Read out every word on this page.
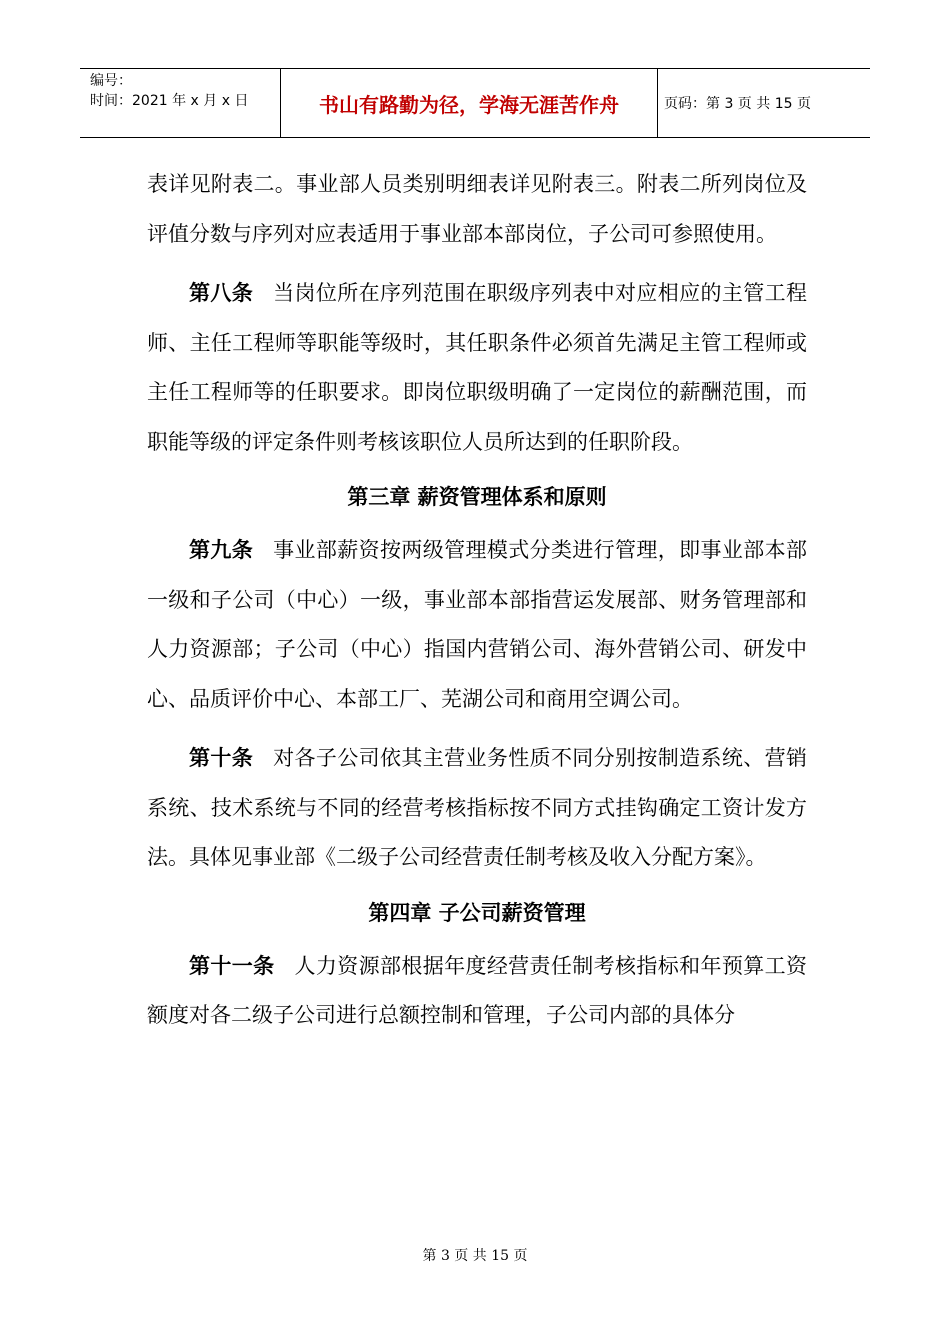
编号：
时间：2021 年 x 月 x 日	书山有路勤为径，学海无涯苦作舟	页码：第 3 页 共 15 页

表详见附表二。事业部人员类别明细表详见附表三。附表二所列岗位及评值分数与序列对应表适用于事业部本部岗位，子公司可参照使用。

第八条 当岗位所在序列范围在职级序列表中对应相应的主管工程师、主任工程师等职能等级时，其任职条件必须首先满足主管工程师或主任工程师等的任职要求。即岗位职级明确了一定岗位的薪酬范围，而职能等级的评定条件则考核该职位人员所达到的任职阶段。

第三章 薪资管理体系和原则

第九条 事业部薪资按两级管理模式分类进行管理，即事业部本部一级和子公司（中心）一级，事业部本部指营运发展部、财务管理部和人力资源部；子公司（中心）指国内营销公司、海外营销公司、研发中心、品质评价中心、本部工厂、芜湖公司和商用空调公司。

第十条 对各子公司依其主营业务性质不同分别按制造系统、营销系统、技术系统与不同的经营考核指标按不同方式挂钩确定工资计发方法。具体见事业部《二级子公司经营责任制考核及收入分配方案》。

第四章 子公司薪资管理

第十一条 人力资源部根据年度经营责任制考核指标和年预算工资额度对各二级子公司进行总额控制和管理，子公司内部的具体分

第 3 页 共 15 页
